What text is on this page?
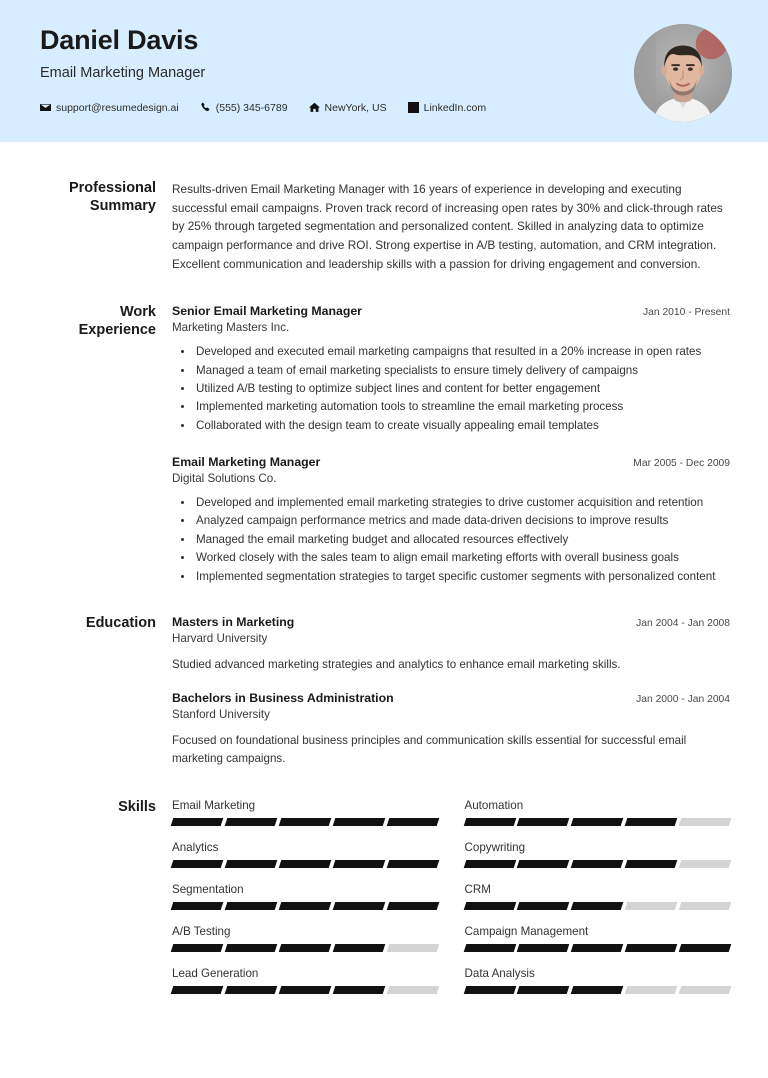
Daniel Davis
Email Marketing Manager
support@resumedesign.ai	(555) 345-6789	NewYork, US	LinkedIn.com
Professional Summary
Results-driven Email Marketing Manager with 16 years of experience in developing and executing successful email campaigns. Proven track record of increasing open rates by 30% and click-through rates by 25% through targeted segmentation and personalized content. Skilled in analyzing data to optimize campaign performance and drive ROI. Strong expertise in A/B testing, automation, and CRM integration. Excellent communication and leadership skills with a passion for driving engagement and conversion.
Work Experience
Senior Email Marketing Manager	Jan 2010 - Present
Marketing Masters Inc.
• Developed and executed email marketing campaigns that resulted in a 20% increase in open rates
• Managed a team of email marketing specialists to ensure timely delivery of campaigns
• Utilized A/B testing to optimize subject lines and content for better engagement
• Implemented marketing automation tools to streamline the email marketing process
• Collaborated with the design team to create visually appealing email templates
Email Marketing Manager	Mar 2005 - Dec 2009
Digital Solutions Co.
• Developed and implemented email marketing strategies to drive customer acquisition and retention
• Analyzed campaign performance metrics and made data-driven decisions to improve results
• Managed the email marketing budget and allocated resources effectively
• Worked closely with the sales team to align email marketing efforts with overall business goals
• Implemented segmentation strategies to target specific customer segments with personalized content
Education	Masters in Marketing	Jan 2004 - Jan 2008
Harvard University
Studied advanced marketing strategies and analytics to enhance email marketing skills.
Bachelors in Business Administration	Jan 2000 - Jan 2004
Stanford University
Focused on foundational business principles and communication skills essential for successful email marketing campaigns.
Skills	Email Marketing	Automation
Analytics	Copywriting
Segmentation	CRM
A/B Testing	Campaign Management
Lead Generation	Data Analysis
